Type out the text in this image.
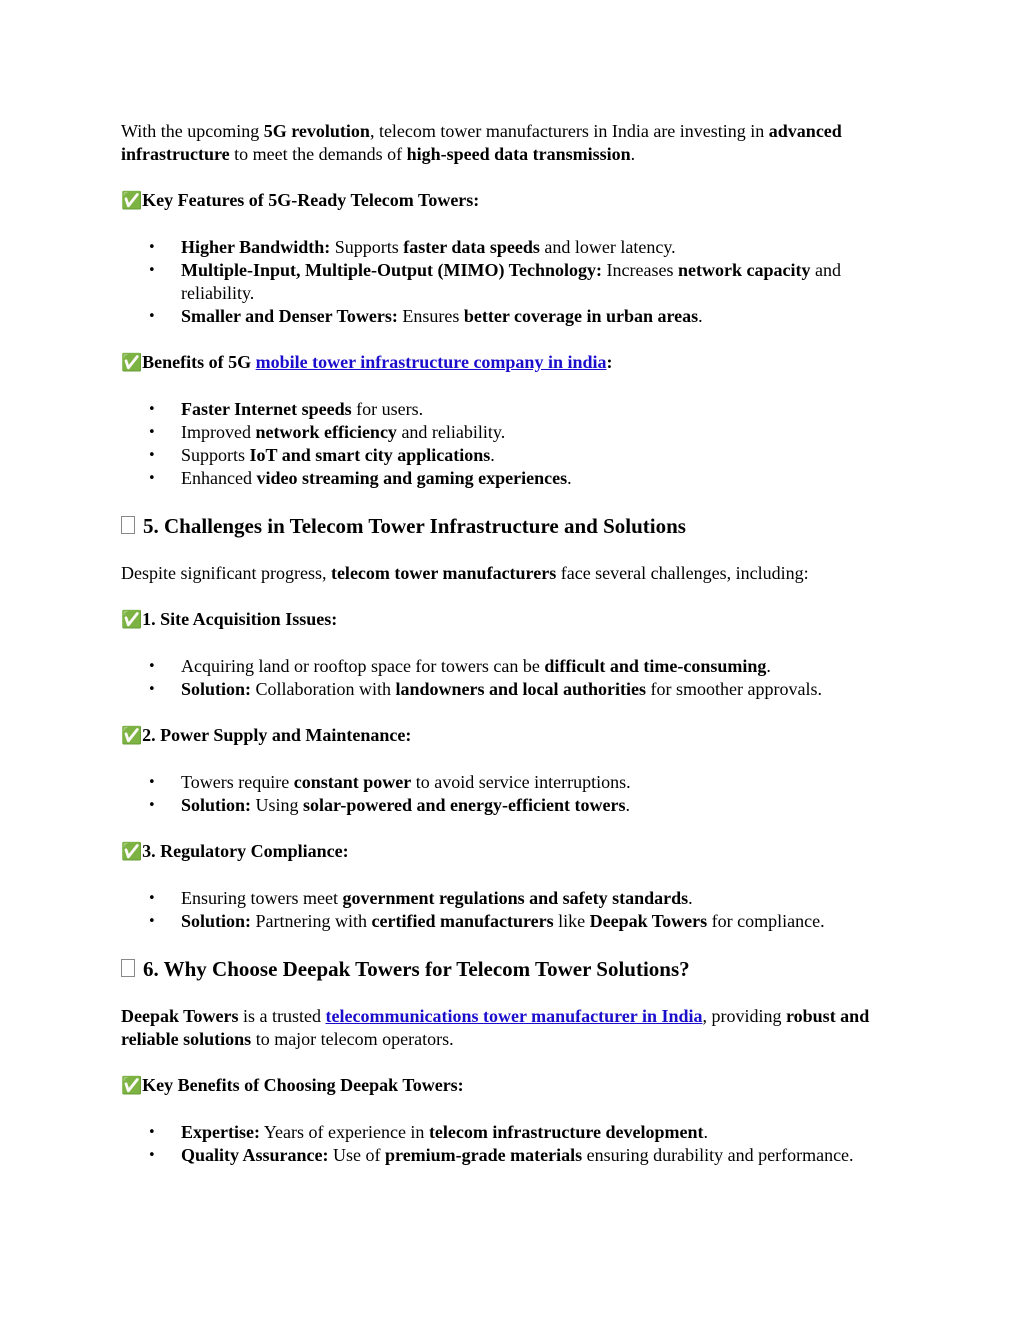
With the upcoming 5G revolution, telecom tower manufacturers in India are investing in advanced infrastructure to meet the demands of high-speed data transmission.

✅Key Features of 5G-Ready Telecom Towers:

• Higher Bandwidth: Supports faster data speeds and lower latency.
• Multiple-Input, Multiple-Output (MIMO) Technology: Increases network capacity and reliability.
• Smaller and Denser Towers: Ensures better coverage in urban areas.

✅Benefits of 5G mobile tower infrastructure company in india:

• Faster Internet speeds for users.
• Improved network efficiency and reliability.
• Supports IoT and smart city applications.
• Enhanced video streaming and gaming experiences.
5. Challenges in Telecom Tower Infrastructure and Solutions

Despite significant progress, telecom tower manufacturers face several challenges, including:

✅1. Site Acquisition Issues:

• Acquiring land or rooftop space for towers can be difficult and time-consuming.
• Solution: Collaboration with landowners and local authorities for smoother approvals.

✅2. Power Supply and Maintenance:

• Towers require constant power to avoid service interruptions.
• Solution: Using solar-powered and energy-efficient towers.

✅3. Regulatory Compliance:

• Ensuring towers meet government regulations and safety standards.
• Solution: Partnering with certified manufacturers like Deepak Towers for compliance.
6. Why Choose Deepak Towers for Telecom Tower Solutions?

Deepak Towers is a trusted telecommunications tower manufacturer in India, providing robust and reliable solutions to major telecom operators.

✅Key Benefits of Choosing Deepak Towers:

• Expertise: Years of experience in telecom infrastructure development.
• Quality Assurance: Use of premium-grade materials ensuring durability and performance.
